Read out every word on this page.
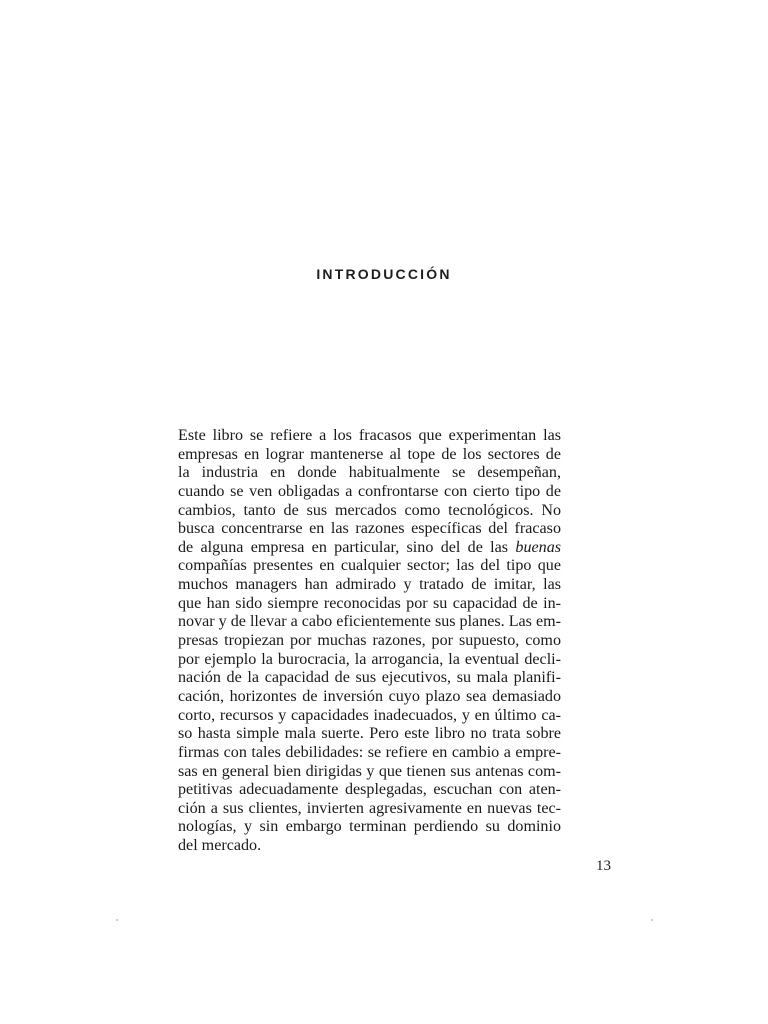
INTRODUCCIÓN
Este libro se refiere a los fracasos que experimentan las
empresas en lograr mantenerse al tope de los sectores de
la industria en donde habitualmente se desempeñan,
cuando se ven obligadas a confrontarse con cierto tipo de
cambios, tanto de sus mercados como tecnológicos. No
busca concentrarse en las razones específicas del fracaso
de alguna empresa en particular, sino del de las buenas
compañías presentes en cualquier sector; las del tipo que
muchos managers han admirado y tratado de imitar, las
que han sido siempre reconocidas por su capacidad de in-
novar y de llevar a cabo eficientemente sus planes. Las em-
presas tropiezan por muchas razones, por supuesto, como
por ejemplo la burocracia, la arrogancia, la eventual decli-
nación de la capacidad de sus ejecutivos, su mala planifi-
cación, horizontes de inversión cuyo plazo sea demasiado
corto, recursos y capacidades inadecuados, y en último ca-
so hasta simple mala suerte. Pero este libro no trata sobre
firmas con tales debilidades: se refiere en cambio a empre-
sas en general bien dirigidas y que tienen sus antenas com-
petitivas adecuadamente desplegadas, escuchan con aten-
ción a sus clientes, invierten agresivamente en nuevas tec-
nologías, y sin embargo terminan perdiendo su dominio
del mercado.
13
